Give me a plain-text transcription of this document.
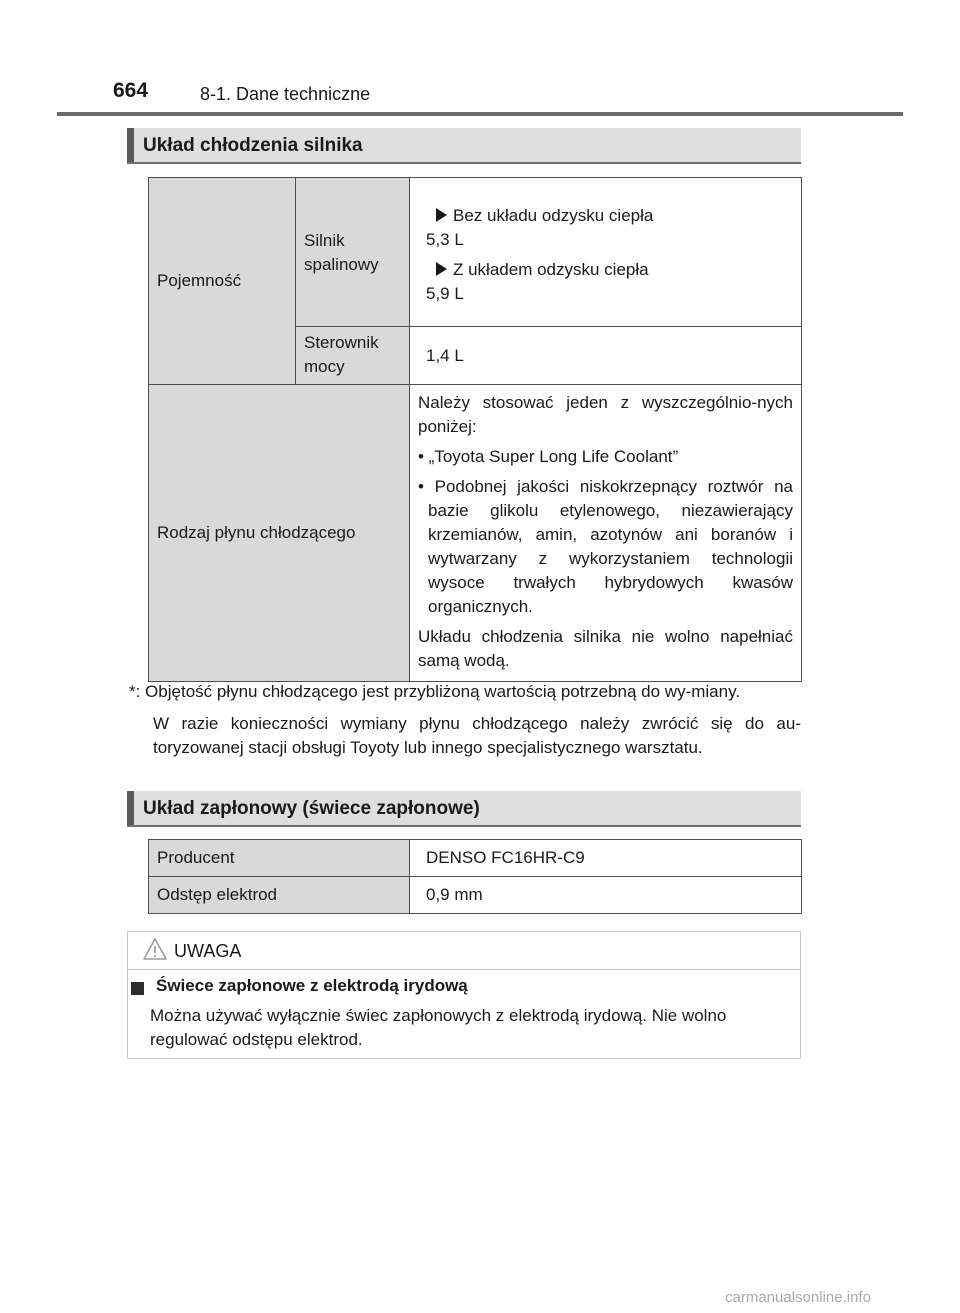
664	8-1. Dane techniczne
Układ chłodzenia silnika
Pojemność	Silnik spalinowy	Bez układu odzysku ciepła
5,3 L
Z układem odzysku ciepła
5,9 L

	Sterownik mocy	1,4 L

Rodzaj płynu chłodzącego		Należy stosować jeden z wyszczególnio-nych poniżej:
• „Toyota Super Long Life Coolant”
• Podobnej jakości niskokrzepnący roztwór na bazie glikolu etylenowego, niezawierający krzemianów, amin, azotynów ani boranów i wytwarzany z wykorzystaniem technologii wysoce trwałych hybrydowych kwasów organicznych.
Układu chłodzenia silnika nie wolno napełniać samą wodą.

*: Objętość płynu chłodzącego jest przybliżoną wartością potrzebną do wy-miany.

W razie konieczności wymiany płynu chłodzącego należy zwrócić się do au-toryzowanej stacji obsługi Toyoty lub innego specjalistycznego warsztatu.

Układ zapłonowy (świece zapłonowe)
Producent	DENSO FC16HR-C9

Odstęp elektrod	0,9 mm
UWAGA
Świece zapłonowe z elektrodą irydową
Można używać wyłącznie świec zapłonowych z elektrodą irydową. Nie wolno regulować odstępu elektrod.
carmanualsonline.info
